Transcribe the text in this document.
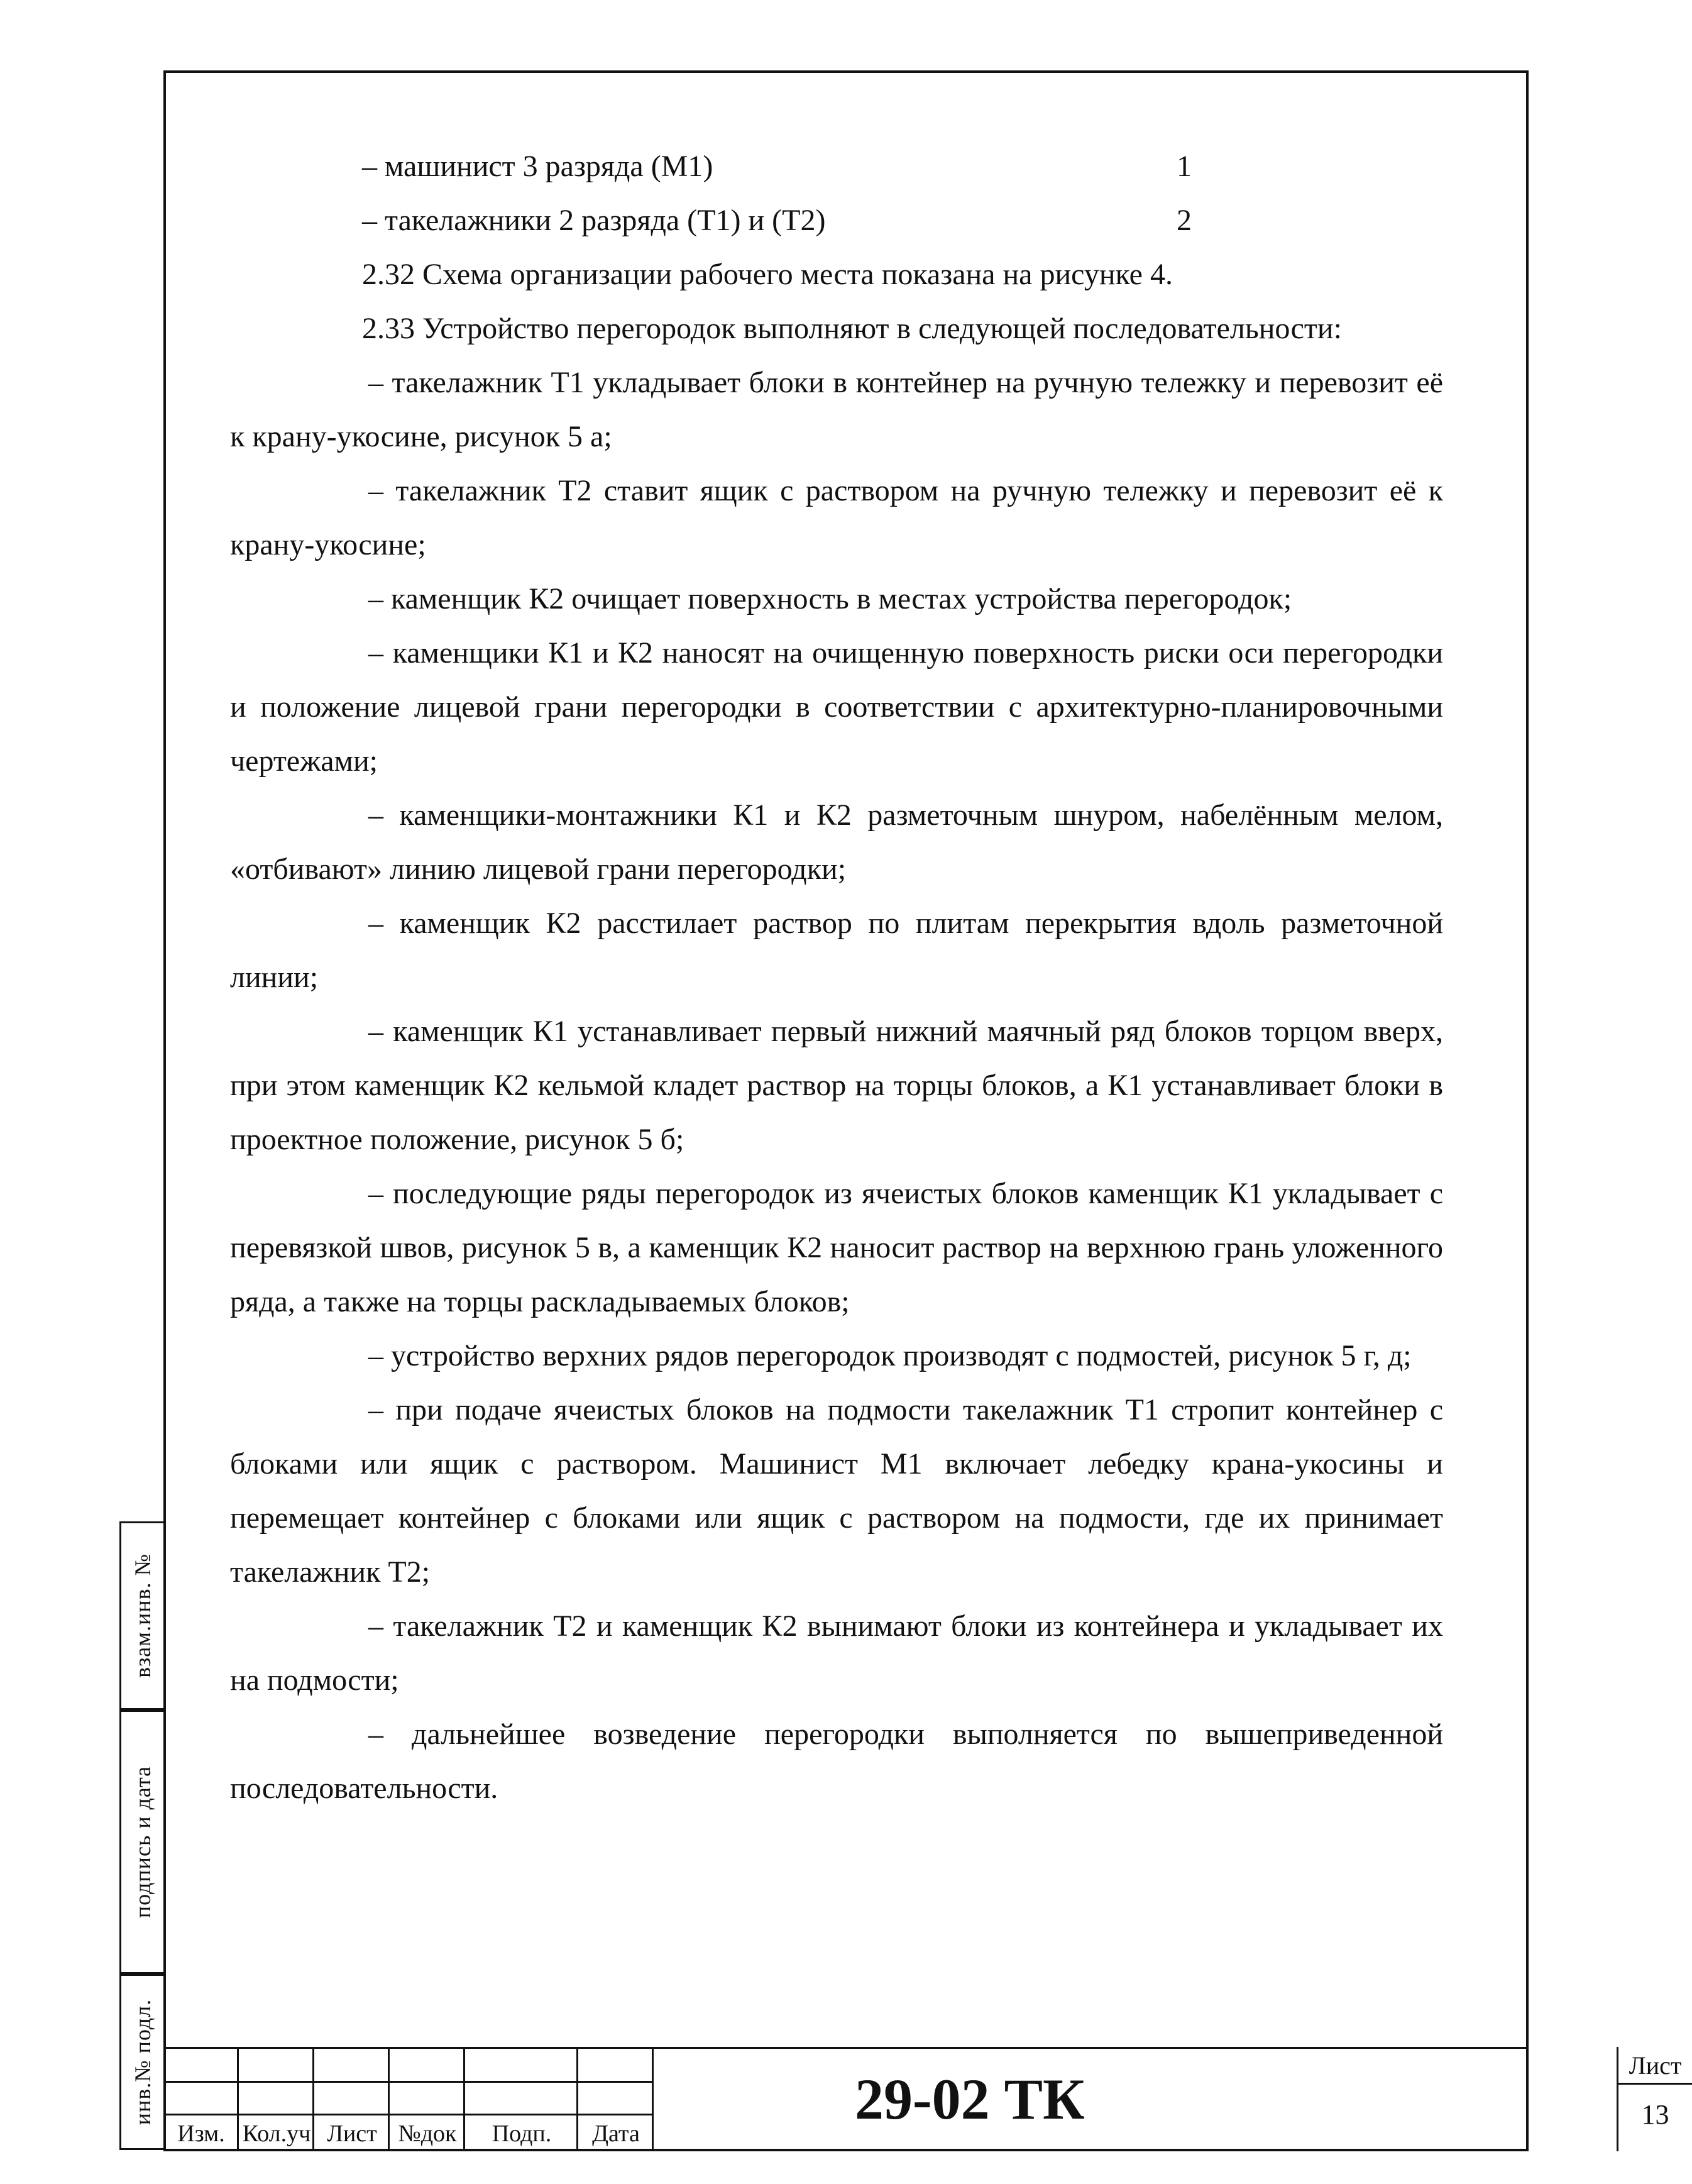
– машинист 3 разряда (М1)	1
– такелажники 2 разряда (Т1) и (Т2)	2

2.32 Схема организации рабочего места показана на рисунке 4.

2.33 Устройство перегородок выполняют в следующей последовательности:

– такелажник Т1 укладывает блоки в контейнер на ручную тележку и перевозит её к крану-укосине, рисунок 5 а;

– такелажник Т2 ставит ящик с раствором на ручную тележку и перевозит её к крану-укосине;

– каменщик К2 очищает поверхность в местах устройства перегородок;

– каменщики К1 и К2 наносят на очищенную поверхность риски оси перегородки и положение лицевой грани перегородки в соответствии с архитектурно-планировочными чертежами;

– каменщики-монтажники К1 и К2 разметочным шнуром, набелённым мелом, «отбивают» линию лицевой грани перегородки;

– каменщик К2 расстилает раствор по плитам перекрытия вдоль разметочной линии;

– каменщик К1 устанавливает первый нижний маячный ряд блоков торцом вверх, при этом каменщик К2 кельмой кладет раствор на торцы блоков, а К1 устанавливает блоки в проектное положение, рисунок 5 б;

– последующие ряды перегородок из ячеистых блоков каменщик К1 укладывает с перевязкой швов, рисунок 5 в, а каменщик К2 наносит раствор на верхнюю грань уложенного ряда, а также на торцы раскладываемых блоков;

– устройство верхних рядов перегородок производят с подмостей, рисунок 5 г, д;

– при подаче ячеистых блоков на подмости такелажник Т1 стропит контейнер с блоками или ящик с раствором. Машинист М1 включает лебедку крана-укосины и перемещает контейнер с блоками или ящик с раствором на подмости, где их принимает такелажник Т2;

– такелажник Т2 и каменщик К2 вынимают блоки из контейнера и укладывает их на подмости;

– дальнейшее возведение перегородки выполняется по вышеприведенной последовательности.

взам.инв. №
подпись и дата
инв.№ подл.
Изм. Кол.уч Лист №док	Подп.	Дата
29-02 ТК
Лист
13
